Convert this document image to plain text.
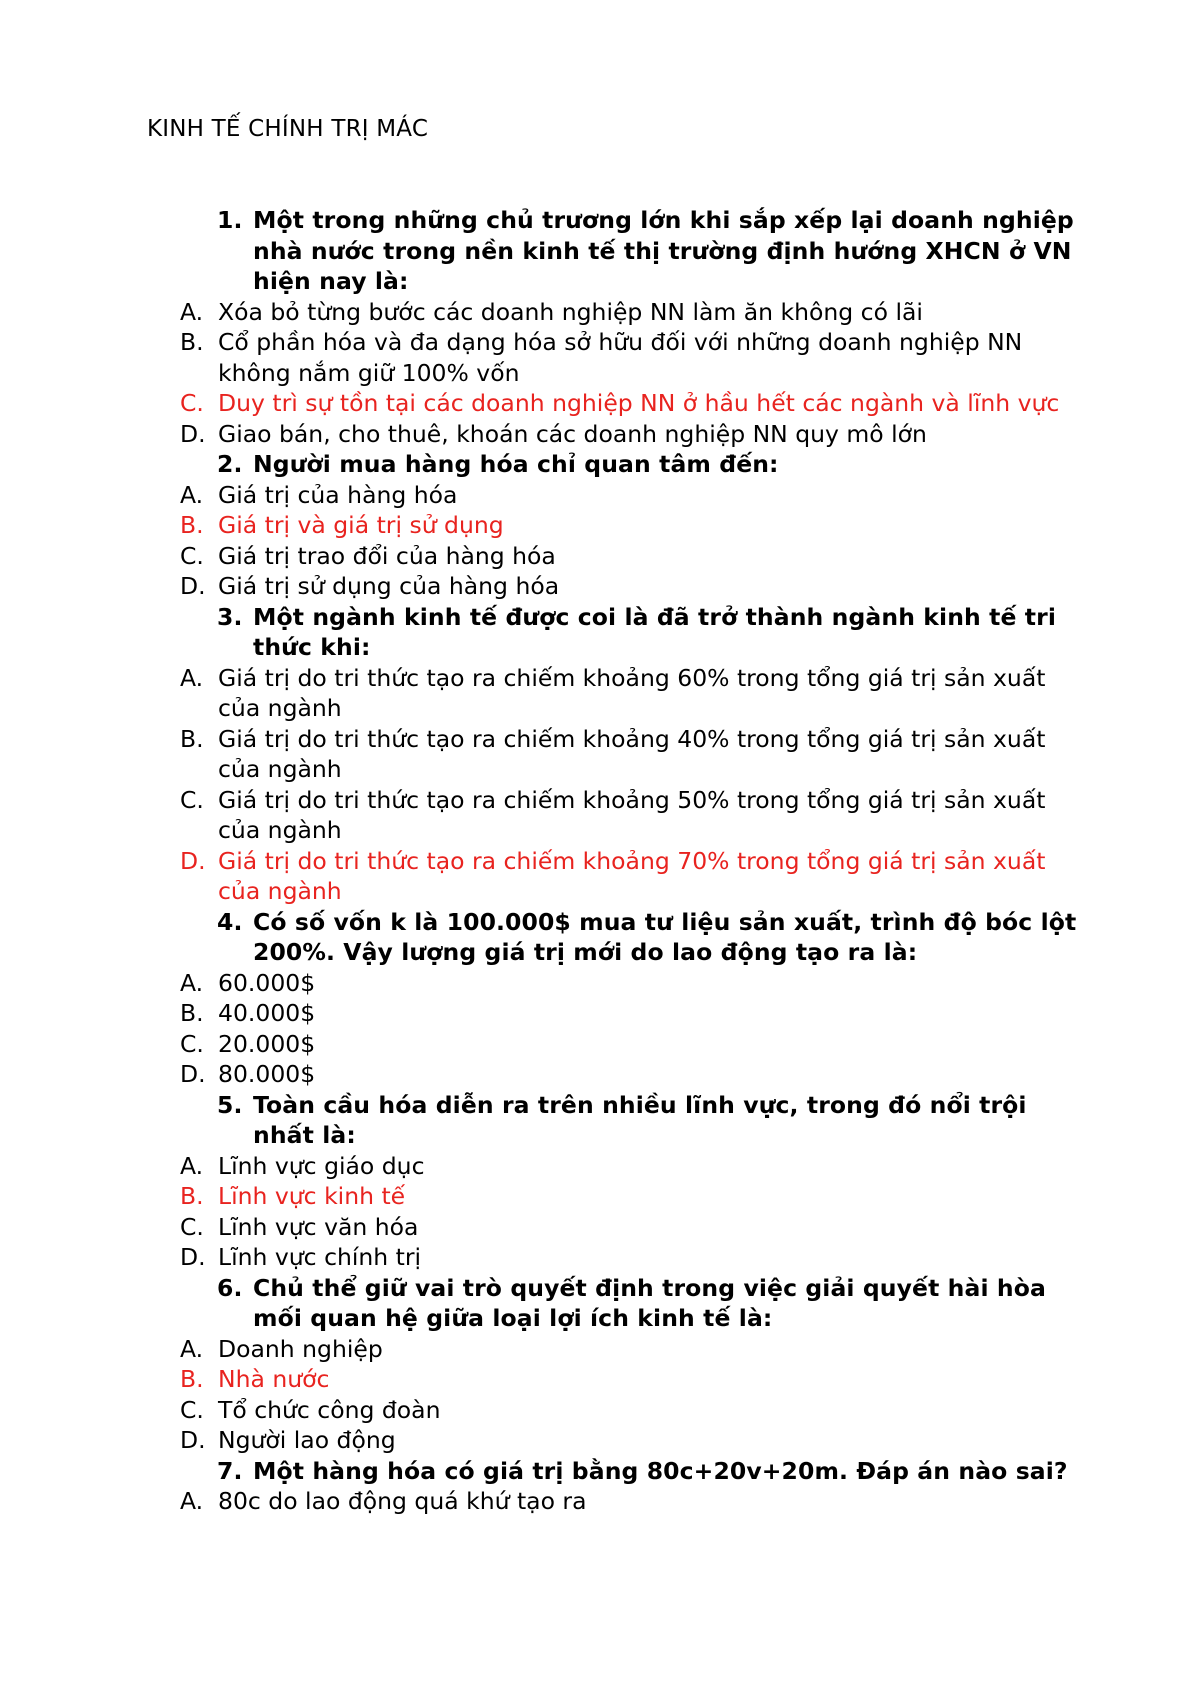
KINH TẾ CHÍNH TRỊ MÁC
1. Một trong những chủ trương lớn khi sắp xếp lại doanh nghiệp nhà nước trong nền kinh tế thị trường định hướng XHCN ở VN hiện nay là:
A. Xóa bỏ từng bước các doanh nghiệp NN làm ăn không có lãi
B. Cổ phần hóa và đa dạng hóa sở hữu đối với những doanh nghiệp NN không nắm giữ 100% vốn
C. Duy trì sự tồn tại các doanh nghiệp NN ở hầu hết các ngành và lĩnh vực
D. Giao bán, cho thuê, khoán các doanh nghiệp NN quy mô lớn
2. Người mua hàng hóa chỉ quan tâm đến:
A. Giá trị của hàng hóa
B. Giá trị và giá trị sử dụng
C. Giá trị trao đổi của hàng hóa
D. Giá trị sử dụng của hàng hóa
3. Một ngành kinh tế được coi là đã trở thành ngành kinh tế tri thức khi:
A. Giá trị do tri thức tạo ra chiếm khoảng 60% trong tổng giá trị sản xuất của ngành
B. Giá trị do tri thức tạo ra chiếm khoảng 40% trong tổng giá trị sản xuất của ngành
C. Giá trị do tri thức tạo ra chiếm khoảng 50% trong tổng giá trị sản xuất của ngành
D. Giá trị do tri thức tạo ra chiếm khoảng 70% trong tổng giá trị sản xuất của ngành
4. Có số vốn k là 100.000$ mua tư liệu sản xuất, trình độ bóc lột 200%. Vậy lượng giá trị mới do lao động tạo ra là:
A. 60.000$
B. 40.000$
C. 20.000$
D. 80.000$
5. Toàn cầu hóa diễn ra trên nhiều lĩnh vực, trong đó nổi trội nhất là:
A. Lĩnh vực giáo dục
B. Lĩnh vực kinh tế
C. Lĩnh vực văn hóa
D. Lĩnh vực chính trị
6. Chủ thể giữ vai trò quyết định trong việc giải quyết hài hòa mối quan hệ giữa loại lợi ích kinh tế là:
A. Doanh nghiệp
B. Nhà nước
C. Tổ chức công đoàn
D. Người lao động
7. Một hàng hóa có giá trị bằng 80c+20v+20m. Đáp án nào sai?
A. 80c do lao động quá khứ tạo ra
